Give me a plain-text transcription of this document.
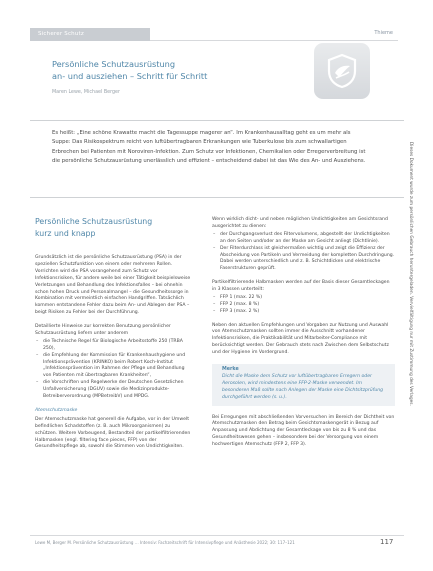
Sicherer Schutz	Thieme
Persönliche Schutzausrüstung
an- und ausziehen – Schritt für Schritt
Maren Lewe, Michael Berger
Es heißt: „Eine schöne Krawatte macht die Tagessuppe magerer an“. Im Krankenhausalltag geht es um mehr als Suppe: Das Risikospektrum reicht von luftübertragbaren Erkrankungen wie Tuberkulose bis zum schwallartigen Erbrechen bei Patienten mit Noroviren-Infektion. Zum Schutz vor Infektionen, Chemikalien oder Erregerverbreitung ist die persönliche Schutzausrüstung unerlässlich und effizient – entscheidend dabei ist das Wie des An- und Ausziehens.
Persönliche Schutzausrüstung
kurz und knapp

Grundsätzlich ist die persönliche Schutzausrüstung (PSA) in der speziellen Schutzfunktion von einem oder mehreren Rollen. Vorrichten wird die PSA vorangehend zum Schutz vor Infektionsrisiken, für andere weile bei einer Tätigkeit beispielsweise Verletzungen und Behandlung des Infektionsfalles – bei ohnehin schon hohen Druck und Personalmangel – die Gesundheitssorge in Kombination mit vermeintlich einfachen Handgriffen. Tatsächlich kommen entstandene Fehler dazu beim An- und Ablegen der PSA – beigt Risiken zu Fehler bei der Durchführung.

Detaillierte Hinweise zur korrekten Benutzung persönlicher Schutzausrüstung liefern unter anderem

– die Technische Regel für Biologische Arbeitsstoffe 250 (TRBA 250),
– die Empfehlung der Kommission für Krankenhaushygiene und Infektionsprävention (KRINKO) beim Robert Koch-Institut „Infektionsprävention im Rahmen der Pflege und Behandlung von Patienten mit übertragbaren Krankheiten“,
– die Vorschriften und Regelwerke der Deutschen Gesetzlichen Unfallversicherung (DGUV) sowie die Medizinprodukte-Betreiberverordnung (MPBetreibV) und MPDG.

Atemschutzmaske

Der Atemschutzmaske hat generell die Aufgabe, vor in der Umwelt befindlichen Schadstoffen (z. B. auch Mikroorganismen) zu schützen. Weitere Vorbeugend, Bestandteil der partikelfiltrierenden Halbmasken (engl. filtering face pieces, FFP) von der Gesundheitspflege ab, sowohl die Stimmen von Undichtigkeiten.

Wenn wirklich dicht- und neben möglichen Undichtigkeiten am Gesichtsrand ausgerichtet zu dienen:

– der Durchgangsverlust des Filtervolumens, abgestellt der Undichtigkeiten an den Seiten und/oder an der Maske am Gesicht anliegt (Dichtlinie).
– Der Filterdurchlass ist gleichermaßen wichtig und zeigt die Effizienz der Abscheidung von Partikeln und Vermeidung der kompletten Durchdringung. Dabei werden unterschiedlich und z. B. Schichtdicken und elektrische Faserstrukturen geprüft.

Partikelfiltrierende Halbmasken werden auf der Basis dieser Gesamtleckagen in 3 Klassen unterteilt:

– FFP 1 (max. 22 %)
– FFP 2 (max. 8 %)
– FFP 3 (max. 2 %)

Neben den aktuellen Empfehlungen und Vorgaben zur Nutzung und Auswahl von Atemschutzmasken sollten immer die Ausschnitt vorhandener Infektionsrisiken, die Praktikabilität und Mitarbeiter-Compliance mit berücksichtigt werden. Der Gebrauch stets nach Zwischen dem Selbstschutz und der Hygiene im Vordergrund.

Merke
Dicht die Maske dem Schutz vor luftübertragbaren Erregern oder Aerosolen, wird mindestens eine FFP-2-Maske verwendet. Im besonderen Maß sollte nach Anlegen der Maske eine Dichtsitzprüfung durchgeführt werden (s. u.).

Bei Erregungen mit abschließenden Vorversuchen im Bereich der Dichtheit von Atemschutzmasken den Betrag beim Gesichtsmaskengerät in Bezug auf Anpassung und Abdichtung der Gesamtleckage von bis zu 8 % und das Gesundheitswesen gehen – insbesondere bei der Versorgung von einem hochwertigen Atemschutz (FFP 2, FFP 3).

Dieses Dokument wurde zum persönlichen Gebrauch heruntergeladen. Vervielfältigung nur mit Zustimmung des Verlages.
Lewe M, Berger M. Persönliche Schutzausrüstung … Intensiv: Fachzeitschrift für Intensivpflege und Anästhesie 2022; 30: 117–121	117
